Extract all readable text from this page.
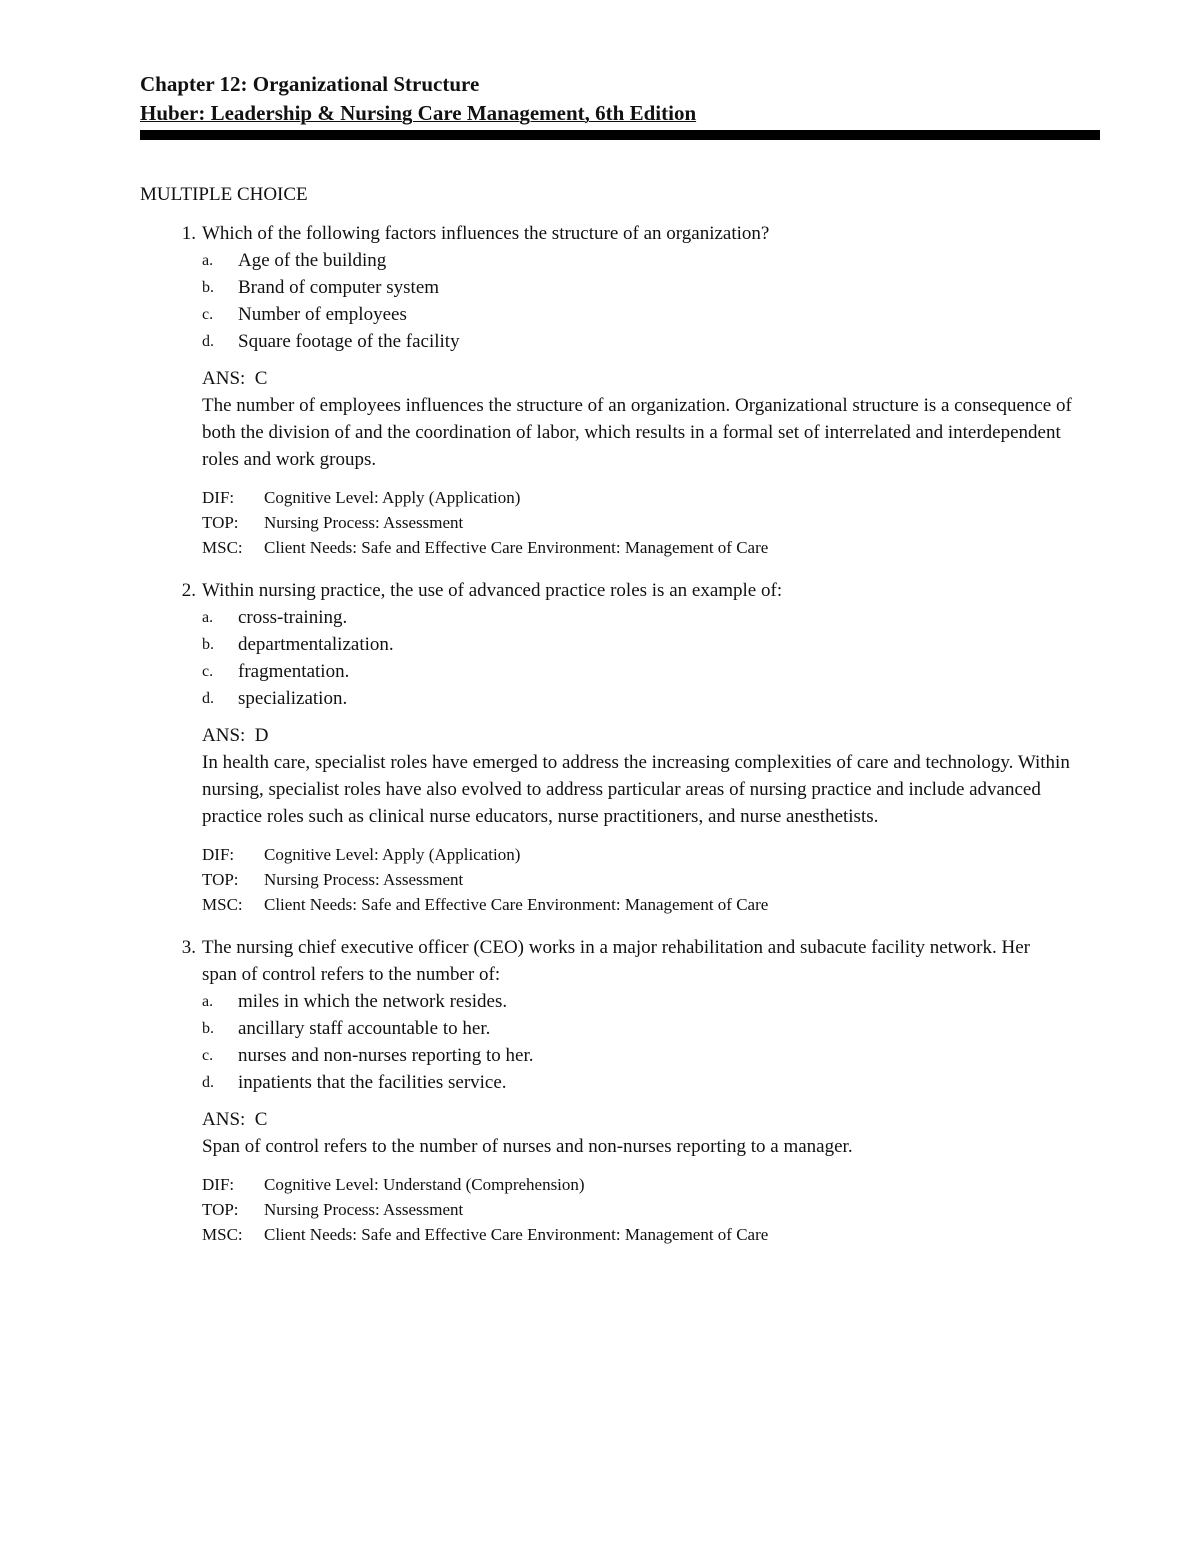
Chapter 12: Organizational Structure
Huber: Leadership & Nursing Care Management, 6th Edition
MULTIPLE CHOICE
1. Which of the following factors influences the structure of an organization?
a.	Age of the building
b.	Brand of computer system
c.	Number of employees
d.	Square footage of the facility
ANS:  C
The number of employees influences the structure of an organization. Organizational structure is a consequence of both the division of and the coordination of labor, which results in a formal set of interrelated and interdependent roles and work groups.
DIF:	Cognitive Level: Apply (Application)
TOP:	Nursing Process: Assessment
MSC:	Client Needs: Safe and Effective Care Environment: Management of Care
2. Within nursing practice, the use of advanced practice roles is an example of:
a.	cross-training.
b.	departmentalization.
c.	fragmentation.
d.	specialization.
ANS:  D
In health care, specialist roles have emerged to address the increasing complexities of care and technology. Within nursing, specialist roles have also evolved to address particular areas of nursing practice and include advanced practice roles such as clinical nurse educators, nurse practitioners, and nurse anesthetists.
DIF:	Cognitive Level: Apply (Application)
TOP:	Nursing Process: Assessment
MSC:	Client Needs: Safe and Effective Care Environment: Management of Care
3. The nursing chief executive officer (CEO) works in a major rehabilitation and subacute facility network. Her span of control refers to the number of:
a.	miles in which the network resides.
b.	ancillary staff accountable to her.
c.	nurses and non-nurses reporting to her.
d.	inpatients that the facilities service.
ANS:  C
Span of control refers to the number of nurses and non-nurses reporting to a manager.
DIF:	Cognitive Level: Understand (Comprehension)
TOP:	Nursing Process: Assessment
MSC:	Client Needs: Safe and Effective Care Environment: Management of Care
